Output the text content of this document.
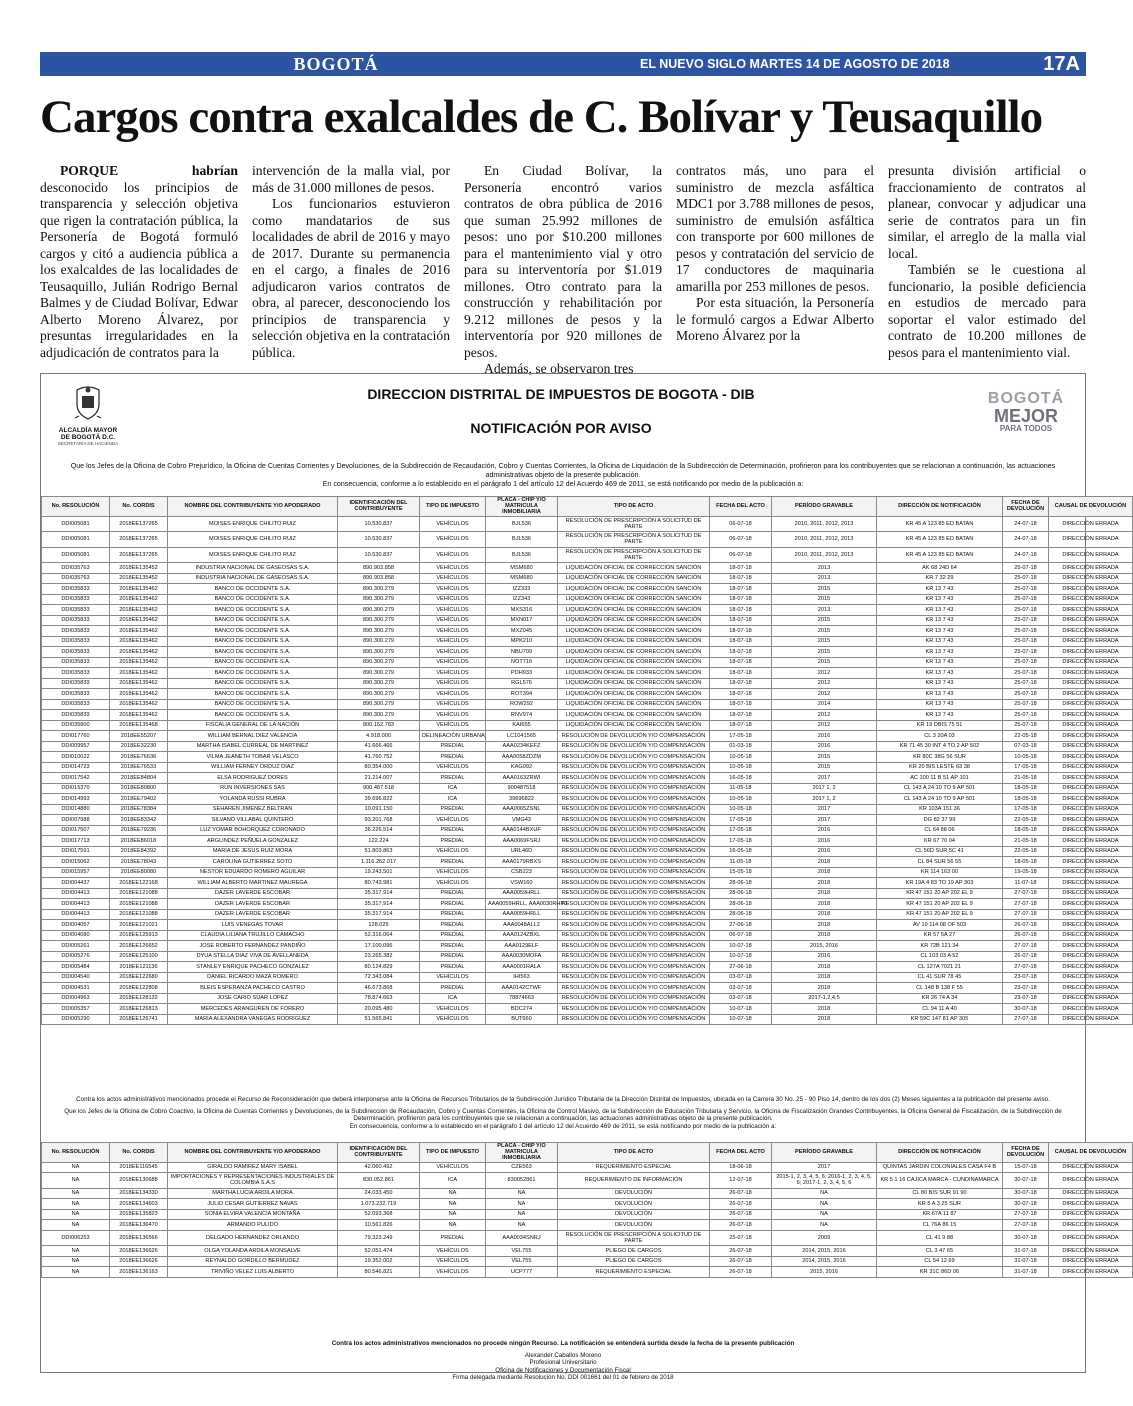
BOGOTÁ	EL NUEVO SIGLO MARTES 14 DE AGOSTO DE 2018	17A
Cargos contra exalcaldes de C. Bolívar y Teusaquillo

PORQUE habrían desconocido los principios de transparencia y selección objetiva que rigen la contratación pública, la Personería de Bogotá formuló cargos y citó a audiencia pública a los exalcaldes de las localidades de Teusaquillo, Julián Rodrigo Bernal Balmes y de Ciudad Bolívar, Edwar Alberto Moreno Álvarez, por presuntas irregularidades en la adjudicación de contratos para la

intervención de la malla vial, por más de 31.000 millones de pesos.

Los funcionarios estuvieron como mandatarios de sus localidades de abril de 2016 y mayo de 2017. Durante su permanencia en el cargo, a finales de 2016 adjudicaron varios contratos de obra, al parecer, desconociendo los principios de transparencia y selección objetiva en la contratación pública.

En Ciudad Bolívar, la Personería encontró varios contratos de obra pública de 2016 que suman 25.992 millones de pesos: uno por $10.200 millones para el mantenimiento vial y otro para su interventoría por $1.019 millones. Otro contrato para la construcción y rehabilitación por 9.212 millones de pesos y la interventoría por 920 millones de pesos.

Además, se observaron tres

contratos más, uno para el suministro de mezcla asfáltica MDC1 por 3.788 millones de pesos, suministro de emulsión asfáltica con transporte por 600 millones de pesos y contratación del servicio de 17 conductores de maquinaria amarilla por 253 millones de pesos.

Por esta situación, la Personería le formuló cargos a Edwar Alberto Moreno Álvarez por la

presunta división artificial o fraccionamiento de contratos al planear, convocar y adjudicar una serie de contratos para un fin similar, el arreglo de la malla vial local.

También se le cuestiona al funcionario, la posible deficiencia en estudios de mercado para soportar el valor estimado del contrato de 10.200 millones de pesos para el mantenimiento vial.

ALCALDÍA MAYOR
DE BOGOTÁ D.C.
SECRETARÍA DE HACIENDA
DIRECCION DISTRITAL DE IMPUESTOS DE BOGOTA - DIB
NOTIFICACIÓN POR AVISO
BOGOTÁ
MEJOR
PARA TODOS
Que los Jefes de la Oficina de Cobro Prejurídico, la Oficina de Cuentas Corrientes y Devoluciones, de la Subdirección de Recaudación, Cobro y Cuentas Corrientes, la Oficina de Liquidación de la Subdirección de Determinación, profirieron para los contribuyentes que se relacionan a continuación, las actuaciones administrativas objeto de la presente publicación.
En consecuencia, conforme a lo establecido en el parágrafo 1 del artículo 12 del Acuerdo 469 de 2011, se está notificando por medio de la publicación a:
No. RESOLUCIÓN	No. CORDIS	NOMBRE DEL CONTRIBUYENTE Y/O APODERADO	IDENTIFICACIÓN DEL CONTRIBUYENTE	TIPO DE IMPUESTO	PLACA - CHIP Y/O MATRICULA INMOBILIARIA	TIPO DE ACTO	FECHA DEL ACTO	PERÍODO GRAVABLE	DIRECCIÓN DE NOTIFICACIÓN	FECHA DE DEVOLUCIÓN	CAUSAL DE DEVOLUCIÓN
DDI005081	2018EE137265	MOISES ENRIQUE CHILITO RUIZ	10.530.837	VEHÍCULOS	BJL536	RESOLUCIÓN DE PRESCRIPCIÓN A SOLICITUD DE PARTE	06-07-18	2010, 2011, 2012, 2013	KR 45 A 123 85 ED BATAN	24-07-18	DIRECCIÓN ERRADA
DDI005081	2018EE137265	MOISES ENRIQUE CHILITO RUIZ	10.530.837	VEHÍCULOS	BJL536	RESOLUCIÓN DE PRESCRIPCIÓN A SOLICITUD DE PARTE	06-07-18	2010, 2011, 2012, 2013	KR 45 A 123 85 ED BATAN	24-07-18	DIRECCIÓN ERRADA
DDI005081	2018EE137265	MOISES ENRIQUE CHILITO RUIZ	10.530.837	VEHÍCULOS	BJL536	RESOLUCIÓN DE PRESCRIPCIÓN A SOLICITUD DE PARTE	06-07-18	2010, 2011, 2012, 2013	KR 45 A 123 85 ED BATAN	24-07-18	DIRECCIÓN ERRADA
DDI035763	2018EE135452	INDUSTRIA NACIONAL DE GASEOSAS S.A.	890.903.858	VEHÍCULOS	MSM680	LIQUIDACIÓN OFICIAL DE CORRECCIÓN SANCIÓN	18-07-18	2013	AK 68 24D 64	25-07-18	DIRECCIÓN ERRADA
DDI035763	2018EE135452	INDUSTRIA NACIONAL DE GASEOSAS S.A.	890.903.858	VEHÍCULOS	MSM680	LIQUIDACIÓN OFICIAL DE CORRECCIÓN SANCIÓN	18-07-18	2013	KR 7 32 29	25-07-18	DIRECCIÓN ERRADA
DDI035833	2018EE135462	BANCO DE OCCIDENTE S.A.	890.300.279	VEHÍCULOS	IZZ333	LIQUIDACIÓN OFICIAL DE CORRECCIÓN SANCIÓN	18-07-18	2015	KR 13 7 43	25-07-18	DIRECCIÓN ERRADA
DDI035833	2018EE135462	BANCO DE OCCIDENTE S.A.	890.300.279	VEHÍCULOS	IZZ343	LIQUIDACIÓN OFICIAL DE CORRECCIÓN SANCIÓN	18-07-18	2015	KR 13 7 43	25-07-18	DIRECCIÓN ERRADA
DDI035833	2018EE135462	BANCO DE OCCIDENTE S.A.	890.300.279	VEHÍCULOS	MXS316	LIQUIDACIÓN OFICIAL DE CORRECCIÓN SANCIÓN	18-07-18	2013	KR 13 7 43	25-07-18	DIRECCIÓN ERRADA
DDI035833	2018EE135462	BANCO DE OCCIDENTE S.A.	890.300.279	VEHÍCULOS	MXN017	LIQUIDACIÓN OFICIAL DE CORRECCIÓN SANCIÓN	18-07-18	2015	KR 13 7 43	25-07-18	DIRECCIÓN ERRADA
DDI035833	2018EE135462	BANCO DE OCCIDENTE S.A.	890.300.279	VEHÍCULOS	MXZ045	LIQUIDACIÓN OFICIAL DE CORRECCIÓN SANCIÓN	18-07-18	2015	KR 13 7 43	25-07-18	DIRECCIÓN ERRADA
DDI035833	2018EE135462	BANCO DE OCCIDENTE S.A.	890.300.279	VEHÍCULOS	MPK210	LIQUIDACIÓN OFICIAL DE CORRECCIÓN SANCIÓN	18-07-18	2015	KR 13 7 43	25-07-18	DIRECCIÓN ERRADA
DDI035833	2018EE135462	BANCO DE OCCIDENTE S.A.	890.300.279	VEHÍCULOS	NBU709	LIQUIDACIÓN OFICIAL DE CORRECCIÓN SANCIÓN	18-07-18	2015	KR 13 7 43	25-07-18	DIRECCIÓN ERRADA
DDI035833	2018EE135462	BANCO DE OCCIDENTE S.A.	890.300.279	VEHÍCULOS	NOT716	LIQUIDACIÓN OFICIAL DE CORRECCIÓN SANCIÓN	18-07-18	2015	KR 13 7 43	25-07-18	DIRECCIÓN ERRADA
DDI035833	2018EE135462	BANCO DE OCCIDENTE S.A.	890.300.279	VEHÍCULOS	PDH933	LIQUIDACIÓN OFICIAL DE CORRECCIÓN SANCIÓN	18-07-18	2012	KR 13 7 43	25-07-18	DIRECCIÓN ERRADA
DDI035833	2018EE135462	BANCO DE OCCIDENTE S.A.	890.300.279	VEHÍCULOS	RGL576	LIQUIDACIÓN OFICIAL DE CORRECCIÓN SANCIÓN	18-07-18	2012	KR 13 7 43	25-07-18	DIRECCIÓN ERRADA
DDI035833	2018EE135462	BANCO DE OCCIDENTE S.A.	890.300.279	VEHÍCULOS	ROT394	LIQUIDACIÓN OFICIAL DE CORRECCIÓN SANCIÓN	18-07-18	2012	KR 13 7 43	25-07-18	DIRECCIÓN ERRADA
DDI035833	2018EE135462	BANCO DE OCCIDENTE S.A.	890.300.279	VEHÍCULOS	ROW292	LIQUIDACIÓN OFICIAL DE CORRECCIÓN SANCIÓN	18-07-18	2014	KR 13 7 43	25-07-18	DIRECCIÓN ERRADA
DDI035833	2018EE135462	BANCO DE OCCIDENTE S.A.	890.300.279	VEHÍCULOS	RNV974	LIQUIDACIÓN OFICIAL DE CORRECCIÓN SANCIÓN	18-07-18	2012	KR 13 7 43	25-07-18	DIRECCIÓN ERRADA
DDI035800	2018EE135468	FISCALIA GENERAL DE LA NACIÓN	800.152.783	VEHÍCULOS	KAI655	LIQUIDACIÓN OFICIAL DE CORRECCIÓN SANCIÓN	18-07-18	2012	KR 19 DBIS 75 51	25-07-18	DIRECCIÓN ERRADA
DDI017760	2018EE55207	WILLIAM BERNAL DIEZ VALENCIA	4.918.000	DELINEACIÓN URBANA	LC1041565	RESOLUCIÓN DE DEVOLUCIÓN Y/O COMPENSACIÓN	17-05-18	2016	CL 3 20A 03	22-05-18	DIRECCIÓN ERRADA
DDI009957	2018EE32230	MARTHA ISABEL CURREAL DE MARTINEZ	41.666.466	PREDIAL	AAA0234KEFZ	RESOLUCIÓN DE DEVOLUCIÓN Y/O COMPENSACIÓN	01-03-18	2016	KR 71 45 30 INT 4 TO 2 AP 502	07-03-18	DIRECCIÓN ERRADA
DDI010022	2018EE76636	VILMA JEANETH TOBAR VELASCO	41.760.752	PREDIAL	AAA0058ZDZM	RESOLUCIÓN DE DEVOLUCIÓN Y/O COMPENSACIÓN	10-05-18	2015	KR 80C 38G 56 SUR	10-05-18	DIRECCIÓN ERRADA
DDI014723	2018EE76533	WILLIAM FERNEY ORDUZ DIAZ	80.354.000	VEHÍCULOS	KAG092	RESOLUCIÓN DE DEVOLUCIÓN Y/O COMPENSACIÓN	10-05-18	2015	KR 20 BIS LESTE 63 38	17-05-18	DIRECCIÓN ERRADA
DDI017542	2018EE84804	ELSA RODRIGUEZ DORES	21.214.007	PREDIAL	AAA0163ZRWI	RESOLUCIÓN DE DEVOLUCIÓN Y/O COMPENSACIÓN	16-05-18	2017	AC 100 11 B 51 AP 101	21-05-18	DIRECCIÓN ERRADA
DDI015370	2018EE80800	RUN INVERSIONES SAS	900.487.518	ICA	900487518	RESOLUCIÓN DE DEVOLUCIÓN Y/O COMPENSACIÓN	11-05-18	2017 1, 2	CL 143 A 24 10 TO 9 AP 501	18-05-18	DIRECCIÓN ERRADA
DDI014993	2018EE79402	YOLANDA RUSSI RUBRA	39.696.822	ICA	39696822	RESOLUCIÓN DE DEVOLUCIÓN Y/O COMPENSACIÓN	10-05-18	2017 1, 2	CL 143 A 24 10 TO 9 AP 501	18-05-18	DIRECCIÓN ERRADA
DDI014880	2018EE78384	SEHAREN JIMENEZ BELTRAN	10.091.150	PREDIAL	AAA0065ZSNL	RESOLUCIÓN DE DEVOLUCIÓN Y/O COMPENSACIÓN	10-05-18	2017	KR 103A 151 36	17-05-18	DIRECCIÓN ERRADA
DDI007988	2018EE83342	SILVANO VILLABAL QUINTERO	93.201.768	VEHÍCULOS	VMG43	RESOLUCIÓN DE DEVOLUCIÓN Y/O COMPENSACIÓN	17-05-18	2017	DG 82 37 99	22-05-18	DIRECCIÓN ERRADA
DDI017507	2018EE79236	LUZ YOMAR BOHORQUEZ CORONADO	36.226.514	PREDIAL	AAA0144BXUF	RESOLUCIÓN DE DEVOLUCIÓN Y/O COMPENSACIÓN	17-05-18	2016	CL 64 88 06	18-05-18	DIRECCIÓN ERRADA
DDI017713	2018EE86018	ARGLINDEZ PEÑUELA GONZALEZ	122.224	PREDIAL	AAA0069FSRJ	RESOLUCIÓN DE DEVOLUCIÓN Y/O COMPENSACIÓN	17-05-18	2016	KR 67 70 04	21-05-18	DIRECCIÓN ERRADA
DDI017591	2018EE84392	MARIA DE JESUS RUIZ MORA	51.803.863	VEHÍCULOS	URL46D	RESOLUCIÓN DE DEVOLUCIÓN Y/O COMPENSACIÓN	16-05-18	2016	CL 56D SUR 5C 41	22-05-18	DIRECCIÓN ERRADA
DDI015062	2018EE78043	CAROLINA GUTIERREZ SOTO	1.116.252.017	PREDIAL	AAA0179RBXS	RESOLUCIÓN DE DEVOLUCIÓN Y/O COMPENSACIÓN	11-05-18	2018	CL 84 SUR 56 55	18-05-18	DIRECCIÓN ERRADA
DDI015957	2018EE80080	NESTOR EDUARDO ROMERO AGUILAR	19.243.501	VEHÍCULOS	CSB223	RESOLUCIÓN DE DEVOLUCIÓN Y/O COMPENSACIÓN	15-05-18	2018	KR 114 163 00	19-05-18	DIRECCIÓN ERRADA
DDI004437	2018EE122168	WILLIAM ALBERTO MARTINEZ MAUREGA	80.743.981	VEHÍCULOS	VSW160	RESOLUCIÓN DE DEVOLUCIÓN Y/O COMPENSACIÓN	28-06-18	2018	KR 19A 4 83 TO 19 AP 303	11-07-18	DIRECCIÓN ERRADA
DDI004413	2018EE121088	DAZER LAVERDE ESCOBAR	35.317.914	PREDIAL	AAA0059HRLL	RESOLUCIÓN DE DEVOLUCIÓN Y/O COMPENSACIÓN	28-06-18	2018	KR 47 151 20 AP 202 EL 9	27-07-18	DIRECCIÓN ERRADA
DDI004413	2018EE121088	DAZER LAVERDE ESCOBAR	35.317.914	PREDIAL	AAA0059HRLL, AAA0030RHPJ	RESOLUCIÓN DE DEVOLUCIÓN Y/O COMPENSACIÓN	28-06-18	2018	KR 47 151 20 AP 202 EL 9	27-07-18	DIRECCIÓN ERRADA
DDI004413	2018EE121088	DAZER LAVERDE ESCOBAR	35.317.914	PREDIAL	AAA0059HRLL	RESOLUCIÓN DE DEVOLUCIÓN Y/O COMPENSACIÓN	28-06-18	2018	KR 47 151 20 AP 202 EL 9	27-07-18	DIRECCIÓN ERRADA
DDI004057	2018EE121021	LUIS VENEGAS TOVAR	128.025	PREDIAL	AAA0048ALL2	RESOLUCIÓN DE DEVOLUCIÓN Y/O COMPENSACIÓN	27-06-18	2018	AV 19 114 08 OF 503	26-07-18	DIRECCIÓN ERRADA
DDI004080	2018EE125913	CLAUDIA LILIANA TRUJILLO CAMACHO	52.316.064	PREDIAL	AAA0124ZBXL	RESOLUCIÓN DE DEVOLUCIÓN Y/O COMPENSACIÓN	06-07-18	2018	KR 57 5A 27	26-07-18	DIRECCIÓN ERRADA
DDI005261	2018EE126652	JOSE ROBERTO FERNANDEZ PANDIÑO	17.100.096	PREDIAL	AAA0129ELF	RESOLUCIÓN DE DEVOLUCIÓN Y/O COMPENSACIÓN	10-07-18	2015, 2016	KR 72B 121 34	27-07-18	DIRECCIÓN ERRADA
DDI005276	2018EE125100	DYUA STELLA DIAZ VIVA DE AVELLANEDA	23.265.382	PREDIAL	AAA0030MOFA	RESOLUCIÓN DE DEVOLUCIÓN Y/O COMPENSACIÓN	10-07-18	2016	CL 103 03 A 52	26-07-18	DIRECCIÓN ERRADA
DDI005484	2018EE121136	STANLEY ENRIQUE PACHECO GONZALEZ	80.124.829	PREDIAL	AAA0001RALA	RESOLUCIÓN DE DEVOLUCIÓN Y/O COMPENSACIÓN	27-06-18	2018	CL 127A 7021 21	27-07-18	DIRECCIÓN ERRADA
DDI004540	2018EE122680	DANIEL RICARDO MAZA ROMERO	72.343.084	VEHÍCULOS	IHI563	RESOLUCIÓN DE DEVOLUCIÓN Y/O COMPENSACIÓN	03-07-18	2018	CL 41 SUR 78 45	23-07-18	DIRECCIÓN ERRADA
DDI004531	2018EE122808	BLEIS ESPERANZA PACHECO CASTRO	46.673.868	PREDIAL	AAA0142CTWF	RESOLUCIÓN DE DEVOLUCIÓN Y/O COMPENSACIÓN	03-07-18	2018	CL 148 B 138 F 55	23-07-18	DIRECCIÓN ERRADA
DDI004963	2018EE128132	JOSE CARIO SUAR LOPEZ	78.874.663	ICA	78874663	RESOLUCIÓN DE DEVOLUCIÓN Y/O COMPENSACIÓN	03-07-18	2017-1,2,4,5	KR 26 74 A 34	23-07-18	DIRECCIÓN ERRADA
DDI005357	2018EE126813	MERCEDES ARANGUREN DE FORERO	20.095.480	VEHÍCULOS	BDC274	RESOLUCIÓN DE DEVOLUCIÓN Y/O COMPENSACIÓN	10-07-18	2018	CL 94 11 A 40	30-07-18	DIRECCIÓN ERRADA
DDI005290	2018EE126741	MARIA ALEXANDRA VANEGAS RODRIGUEZ	51.565.841	VEHÍCULOS	BUT660	RESOLUCIÓN DE DEVOLUCIÓN Y/O COMPENSACIÓN	10-07-18	2018	KR 59C 147 81 AP 305	27-07-18	DIRECCIÓN ERRADA
Contra los actos administrativos mencionados procede el Recurso de Reconsideración que deberá interponerse ante la Oficina de Recursos Tributarios de la Subdirección Jurídico Tributaria de la Dirección Distrital de Impuestos, ubicada en la Carrera 30 No. 25 - 90 Piso 14, dentro de los dos (2) Meses siguientes a la publicación del presente aviso.
Que los Jefes de la Oficina de Cobro Coactivo, la Oficina de Cuentas Corrientes y Devoluciones, de la Subdirección de Recaudación, Cobro y Cuentas Corrientes, la Oficina de Control Masivo, de la Subdirección de Educación Tributaria y Servicio, la Oficina de Fiscalización Grandes Contribuyentes, la Oficina General de Fiscalización, de la Subdirección de Determinación, profirieron para los contribuyentes que se relacionan a continuación, las actuaciones administrativas objeto de la presente publicación.
En consecuencia, conforme a lo establecido en el parágrafo 1 del artículo 12 del Acuerdo 469 de 2011, se está notificando por medio de la publicación a:
No. RESOLUCIÓN	No. CORDIS	NOMBRE DEL CONTRIBUYENTE Y/O APODERADO	IDENTIFICACIÓN DEL CONTRIBUYENTE	TIPO DE IMPUESTO	PLACA - CHIP Y/O MATRICULA INMOBILIARIA	TIPO DE ACTO	FECHA DEL ACTO	PERÍODO GRAVABLE	DIRECCIÓN DE NOTIFICACIÓN	FECHA DE DEVOLUCIÓN	CAUSAL DE DEVOLUCIÓN
NA	2018EE116545	GIRALDO RAMIREZ MARY ISABEL	42.060.492	VEHÍCULOS	CZE563	REQUERIMIENTO ESPECIAL	18-06-18	2017	QUINTAS JARDIN COLONIALES CASA F4 B	15-07-18	DIRECCIÓN ERRADA
NA	2018EE130688	IMPORTACIONES Y REPRESENTACIONES INDUSTRIALES DE COLOMBIA S.A.S	830.052.861	ICA	830052861	REQUERIMIENTO DE INFORMACIÓN	12-07-18	2015-1, 2, 3, 4, 5, 6; 2016-1, 2, 3, 4, 5, 6; 2017-1, 2, 3, 4, 5, 6	KR 5 1 16 CAJICA MARCA - CUNDINAMARCA	30-07-18	DIRECCIÓN ERRADA
NA	2018EE134330	MARTHA LUCIA ARDILA MORA	24.033.450	NA	NA	DEVOLUCIÓN	26-07-18	NA	CL 80 BIS SUR 91 90	30-07-18	DIRECCIÓN ERRADA
NA	2018EE134603	JULIO CESAR GUTIERREZ NAVAS	1.073.232.719	NA	NA	DEVOLUCIÓN	26-07-18	NA	KR 5 A 3 25 SUR	30-07-18	DIRECCIÓN ERRADA
NA	2018EE135823	SONIA ELVIRA VALENCIA MONTAÑA	52.093.368	NA	NA	DEVOLUCIÓN	26-07-18	NA	KR 67A 11 87	27-07-18	DIRECCIÓN ERRADA
NA	2018EE136470	ARMANDO PULIDO	10.561.826	NA	NA	DEVOLUCIÓN	26-07-18	NA	CL 76A 86 15	27-07-18	DIRECCIÓN ERRADA
DDI006253	2018EE136566	DELGADO HERNANDEZ ORLANDO	79.323.249	PREDIAL	AAA0034SNRJ	RESOLUCIÓN DE PRESCRIPCIÓN A SOLICITUD DE PARTE	25-07-18	2009	CL 41 9 88	30-07-18	DIRECCIÓN ERRADA
NA	2018EE136626	OLGA YOLANDA ARDILA MONSALVE	52.051.474	VEHÍCULOS	VEL755	PLIEGO DE CARGOS	26-07-18	2014, 2015, 2016	CL 3 47 65	31-07-18	DIRECCIÓN ERRADA
NA	2018EE136626	REYNALDO GORDILLO BERMUDEZ	19.352.002	VEHÍCULOS	VEL755	PLIEGO DE CARGOS	26-07-18	2014, 2015, 2016	CL 54 12 69	31-07-18	DIRECCIÓN ERRADA
NA	2018EE136163	TRIVIÑO VELEZ LUIS ALBERTO	80.546.821	VEHÍCULOS	UCP777	REQUERIMIENTO ESPECIAL	26-07-18	2015, 2016	KR 31C 86D 06	31-07-18	DIRECCIÓN ERRADA
Contra los actos administrativos mencionados no procede ningún Recurso. La notificación se entenderá surtida desde la fecha de la presente publicación
Alexander Caballos Moreno
Profesional Universitario
Oficina de Notificaciones y Documentación Fiscal
Firma delegada mediante Resolución No. DDI 001661 del 01 de febrero de 2018
